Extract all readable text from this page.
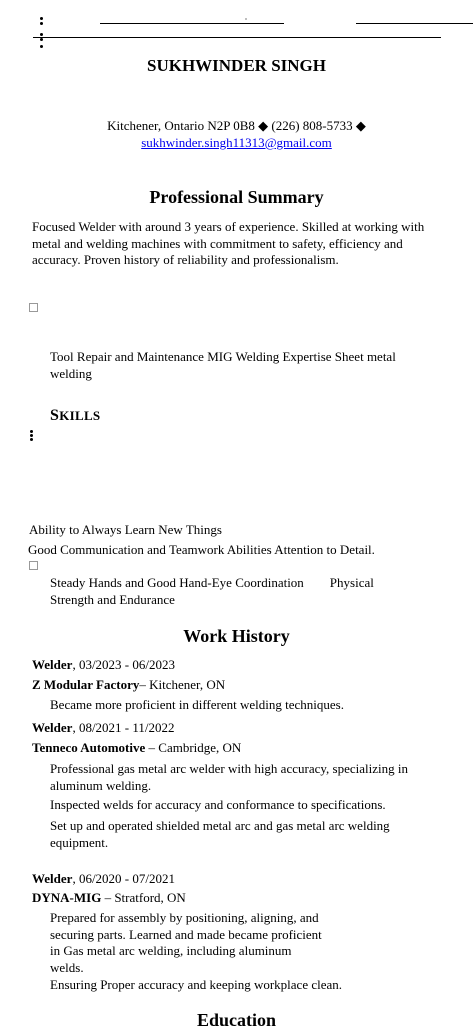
SUKHWINDER SINGH
Kitchener, Ontario N2P 0B8 ◆ (226) 808-5733 ◆
sukhwinder.singh11313@gmail.com
Professional Summary
Focused Welder with around 3 years of experience. Skilled at working with metal and welding machines with commitment to safety, efficiency and accuracy. Proven history of reliability and professionalism.
Tool Repair and Maintenance MIG Welding Expertise Sheet metal welding
SKILLS
Ability to Always Learn New Things
Good Communication and Teamwork Abilities Attention to Detail.
Steady Hands and Good Hand-Eye Coordination        Physical Strength and Endurance
Work History
Welder, 03/2023 - 06/2023
Z Modular Factory– Kitchener, ON
Became more proficient in different welding techniques.
Welder, 08/2021 - 11/2022
Tenneco Automotive – Cambridge, ON
Professional gas metal arc welder with high accuracy, specializing in aluminum welding.
Inspected welds for accuracy and conformance to specifications.
Set up and operated shielded metal arc and gas metal arc welding equipment.
Welder, 06/2020 - 07/2021
DYNA-MIG – Stratford, ON
Prepared for assembly by positioning, aligning, and securing parts. Learned and made became proficient in Gas metal arc welding, including aluminum welds.
Ensuring Proper accuracy and keeping workplace clean.
Education
